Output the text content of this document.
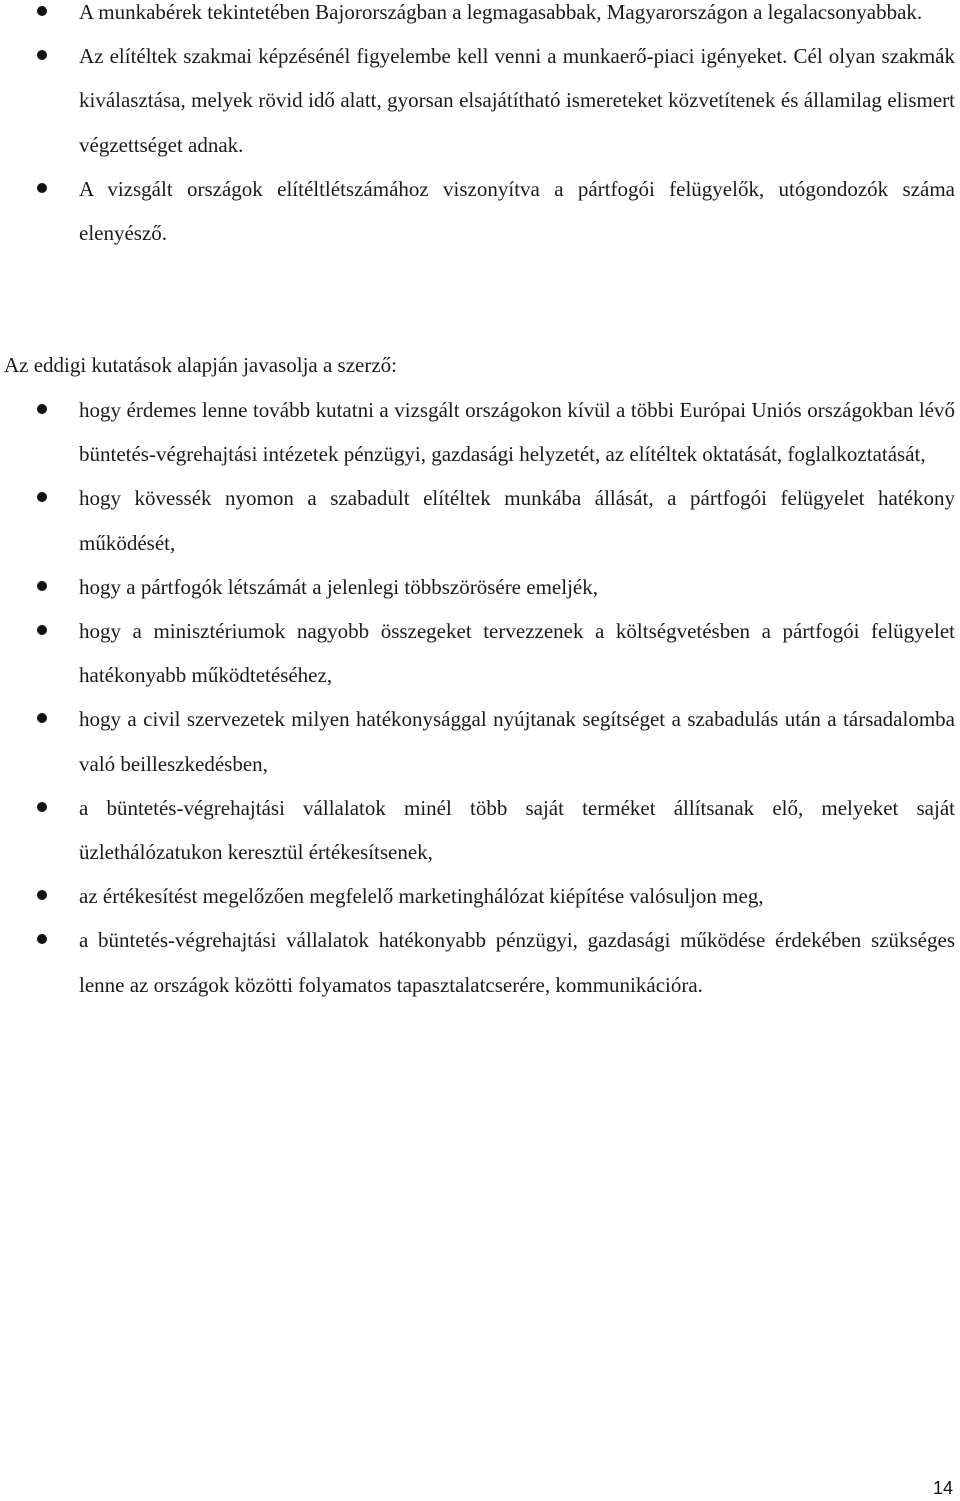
A munkabérek tekintetében Bajorországban a legmagasabbak, Magyarországon a legalacsonyabbak.
Az elítéltek szakmai képzésénél figyelembe kell venni a munkaerő-piaci igényeket. Cél olyan szakmák kiválasztása, melyek rövid idő alatt, gyorsan elsajátítható ismereteket közvetítenek és államilag elismert végzettséget adnak.
A vizsgált országok elítéltlétszámához viszonyítva a pártfogói felügyelők, utógondozók száma elenyésző.
Az eddigi kutatások alapján javasolja a szerző:
hogy érdemes lenne tovább kutatni a vizsgált országokon kívül a többi Európai Uniós országokban lévő büntetés-végrehajtási intézetek pénzügyi, gazdasági helyzetét, az elítéltek oktatását, foglalkoztatását,
hogy kövessék nyomon a szabadult elítéltek munkába állását, a pártfogói felügyelet hatékony működését,
hogy a pártfogók létszámát a jelenlegi többszörösére emeljék,
hogy a minisztériumok nagyobb összegeket tervezzenek a költségvetésben a pártfogói felügyelet hatékonyabb működtetéséhez,
hogy a civil szervezetek milyen hatékonysággal nyújtanak segítséget a szabadulás után a társadalomba való beilleszkedésben,
a büntetés-végrehajtási vállalatok minél több saját terméket állítsanak elő, melyeket saját üzlethálózatukon keresztül értékesítsenek,
az értékesítést megelőzően megfelelő marketinghálózat kiépítése valósuljon meg,
a büntetés-végrehajtási vállalatok hatékonyabb pénzügyi, gazdasági működése érdekében szükséges lenne az országok közötti folyamatos tapasztalatcserére, kommunikációra.
14
